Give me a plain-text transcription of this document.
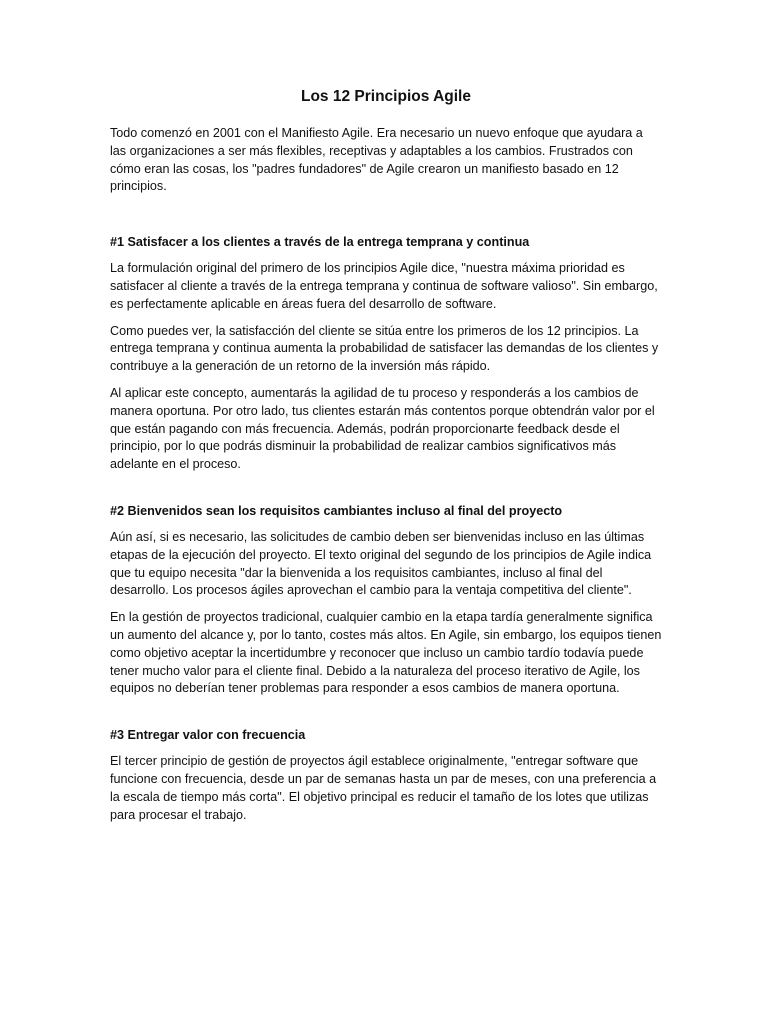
Los 12 Principios Agile

Todo comenzó en 2001 con el Manifiesto Agile. Era necesario un nuevo enfoque que ayudara a las organizaciones a ser más flexibles, receptivas y adaptables a los cambios. Frustrados con cómo eran las cosas, los "padres fundadores" de Agile crearon un manifiesto basado en 12 principios.

#1 Satisfacer a los clientes a través de la entrega temprana y continua

La formulación original del primero de los principios Agile dice, "nuestra máxima prioridad es satisfacer al cliente a través de la entrega temprana y continua de software valioso". Sin embargo, es perfectamente aplicable en áreas fuera del desarrollo de software.

Como puedes ver, la satisfacción del cliente se sitúa entre los primeros de los 12 principios. La entrega temprana y continua aumenta la probabilidad de satisfacer las demandas de los clientes y contribuye a la generación de un retorno de la inversión más rápido.

Al aplicar este concepto, aumentarás la agilidad de tu proceso y responderás a los cambios de manera oportuna. Por otro lado, tus clientes estarán más contentos porque obtendrán valor por el que están pagando con más frecuencia. Además, podrán proporcionarte feedback desde el principio, por lo que podrás disminuir la probabilidad de realizar cambios significativos más adelante en el proceso.

#2 Bienvenidos sean los requisitos cambiantes incluso al final del proyecto

Aún así, si es necesario, las solicitudes de cambio deben ser bienvenidas incluso en las últimas etapas de la ejecución del proyecto. El texto original del segundo de los principios de Agile indica que tu equipo necesita "dar la bienvenida a los requisitos cambiantes, incluso al final del desarrollo. Los procesos ágiles aprovechan el cambio para la ventaja competitiva del cliente".

En la gestión de proyectos tradicional, cualquier cambio en la etapa tardía generalmente significa un aumento del alcance y, por lo tanto, costes más altos. En Agile, sin embargo, los equipos tienen como objetivo aceptar la incertidumbre y reconocer que incluso un cambio tardío todavía puede tener mucho valor para el cliente final. Debido a la naturaleza del proceso iterativo de Agile, los equipos no deberían tener problemas para responder a esos cambios de manera oportuna.

#3 Entregar valor con frecuencia

El tercer principio de gestión de proyectos ágil establece originalmente, "entregar software que funcione con frecuencia, desde un par de semanas hasta un par de meses, con una preferencia a la escala de tiempo más corta". El objetivo principal es reducir el tamaño de los lotes que utilizas para procesar el trabajo.
